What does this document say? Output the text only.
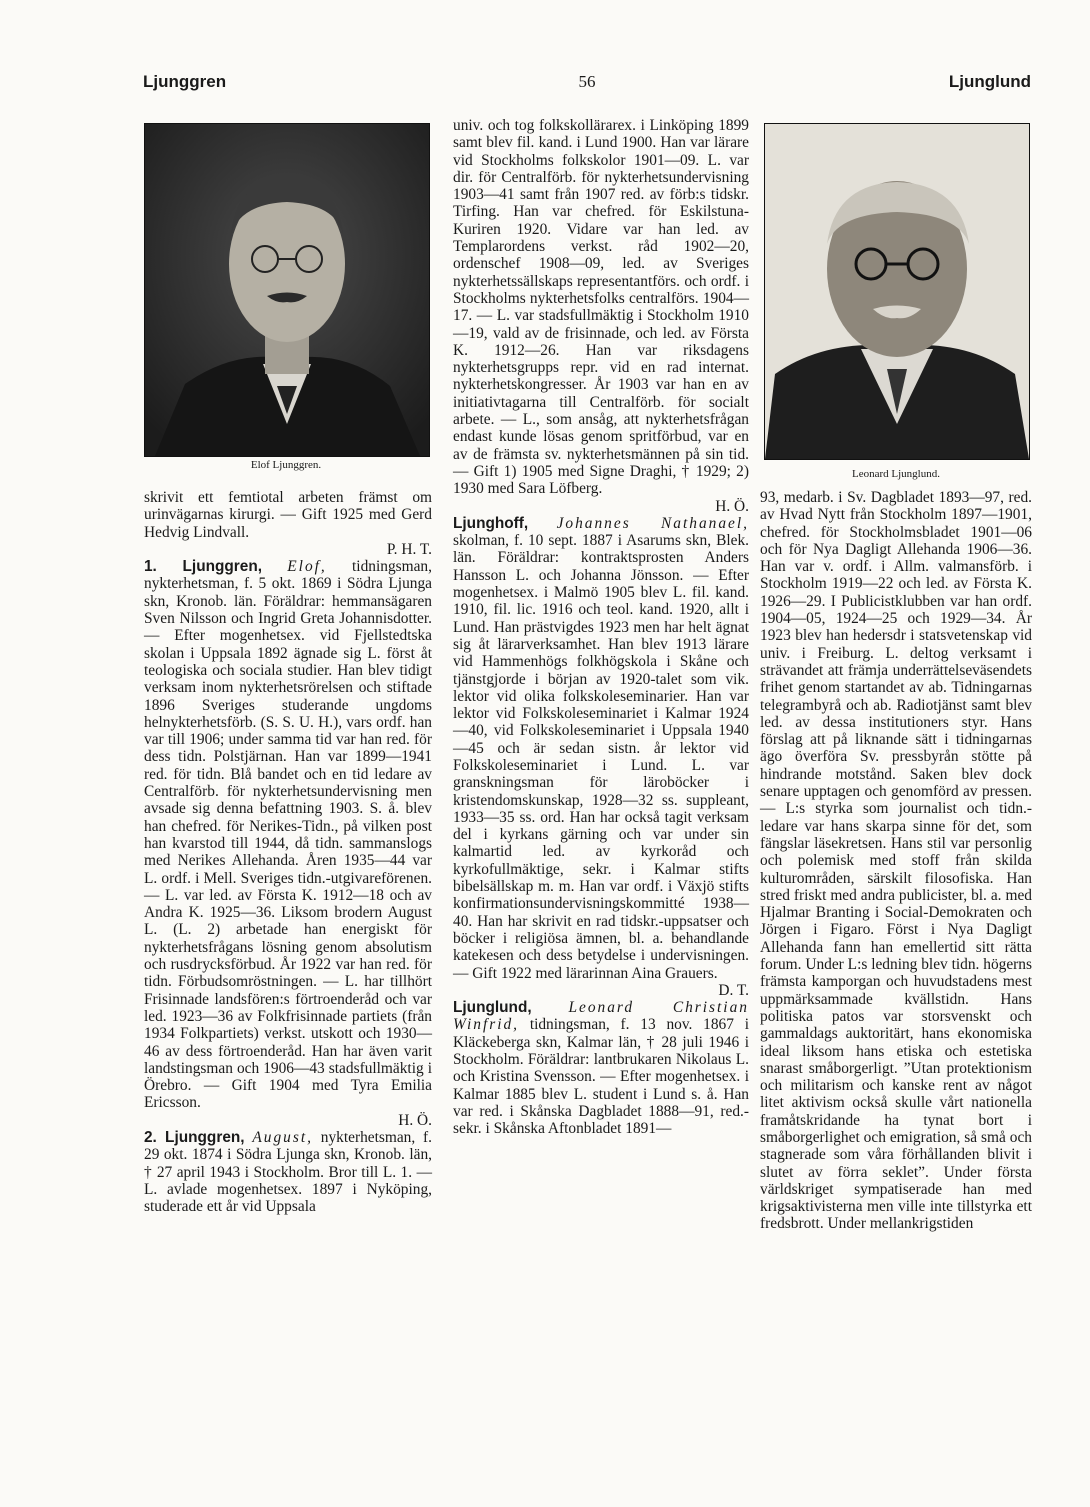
Ljunggren	56	Ljunglund
Elof Ljunggren.
Leonard Ljunglund.

skrivit ett femtiotal arbeten främst om urinvägarnas kirurgi. — Gift 1925 med Gerd Hedvig Lindvall.

P. H. T.

1. Ljunggren, Elof, tidningsman, nykterhetsman, f. 5 okt. 1869 i Södra Ljunga skn, Kronob. län. Föräldrar: hemmansägaren Sven Nilsson och Ingrid Greta Johannisdotter. — Efter mogenhetsex. vid Fjellstedtska skolan i Uppsala 1892 ägnade sig L. först åt teologiska och sociala studier. Han blev tidigt verksam inom nykterhetsrörelsen och stiftade 1896 Sveriges studerande ungdoms helnykterhetsförb. (S. S. U. H.), vars ordf. han var till 1906; under samma tid var han red. för dess tidn. Polstjärnan. Han var 1899—1941 red. för tidn. Blå bandet och en tid ledare av Centralförb. för nykterhetsundervisning men avsade sig denna befattning 1903. S. å. blev han chefred. för Nerikes-Tidn., på vilken post han kvarstod till 1944, då tidn. sammanslogs med Nerikes Allehanda. Åren 1935—44 var L. ordf. i Mell. Sveriges tidn.-utgivareförenen. — L. var led. av Första K. 1912—18 och av Andra K. 1925—36. Liksom brodern August L. (L. 2) arbetade han energiskt för nykterhetsfrågans lösning genom absolutism och rusdrycksförbud. År 1922 var han red. för tidn. Förbudsomröstningen. — L. har tillhört Frisinnade landsfören:s förtroenderåd och var led. 1923—36 av Folkfrisinnade partiets (från 1934 Folkpartiets) verkst. utskott och 1930—46 av dess förtroenderåd. Han har även varit landstingsman och 1906—43 stadsfullmäktig i Örebro. — Gift 1904 med Tyra Emilia Ericsson.

H. Ö.

2. Ljunggren, August, nykterhetsman, f. 29 okt. 1874 i Södra Ljunga skn, Kronob. län, † 27 april 1943 i Stockholm. Bror till L. 1. — L. avlade mogenhetsex. 1897 i Nyköping, studerade ett år vid Uppsala

univ. och tog folkskollärarex. i Linköping 1899 samt blev fil. kand. i Lund 1900. Han var lärare vid Stockholms folkskolor 1901—09. L. var dir. för Centralförb. för nykterhetsundervisning 1903—41 samt från 1907 red. av förb:s tidskr. Tirfing. Han var chefred. för Eskilstuna-Kuriren 1920. Vidare var han led. av Templarordens verkst. råd 1902—20, ordenschef 1908—09, led. av Sveriges nykterhetssällskaps representantförs. och ordf. i Stockholms nykterhetsfolks centralförs. 1904—17. — L. var stadsfullmäktig i Stockholm 1910—19, vald av de frisinnade, och led. av Första K. 1912—26. Han var riksdagens nykterhetsgrupps repr. vid en rad internat. nykterhetskongresser. År 1903 var han en av initiativtagarna till Centralförb. för socialt arbete. — L., som ansåg, att nykterhetsfrågan endast kunde lösas genom spritförbud, var en av de främsta sv. nykterhetsmännen på sin tid. — Gift 1) 1905 med Signe Draghi, † 1929; 2) 1930 med Sara Löfberg.

H. Ö.

Ljunghoff, Johannes Nathanael, skolman, f. 10 sept. 1887 i Asarums skn, Blek. län. Föräldrar: kontraktsprosten Anders Hansson L. och Johanna Jönsson. — Efter mogenhetsex. i Malmö 1905 blev L. fil. kand. 1910, fil. lic. 1916 och teol. kand. 1920, allt i Lund. Han prästvigdes 1923 men har helt ägnat sig åt lärarverksamhet. Han blev 1913 lärare vid Hammenhögs folkhögskola i Skåne och tjänstgjorde i början av 1920-talet som vik. lektor vid olika folkskoleseminarier. Han var lektor vid Folkskoleseminariet i Kalmar 1924—40, vid Folkskoleseminariet i Uppsala 1940—45 och är sedan sistn. år lektor vid Folkskoleseminariet i Lund. L. var granskningsman för läroböcker i kristendomskunskap, 1928—32 ss. suppleant, 1933—35 ss. ord. Han har också tagit verksam del i kyrkans gärning och var under sin kalmartid led. av kyrkoråd och kyrkofullmäktige, sekr. i Kalmar stifts bibelsällskap m. m. Han var ordf. i Växjö stifts konfirmationsundervisningskommitté 1938—40. Han har skrivit en rad tidskr.-uppsatser och böcker i religiösa ämnen, bl. a. behandlande katekesen och dess betydelse i undervisningen. — Gift 1922 med lärarinnan Aina Grauers.

D. T.

Ljunglund, Leonard Christian Winfrid, tidningsman, f. 13 nov. 1867 i Kläckeberga skn, Kalmar län, † 28 juli 1946 i Stockholm. Föräldrar: lantbrukaren Nikolaus L. och Kristina Svensson. — Efter mogenhetsex. i Kalmar 1885 blev L. student i Lund s. å. Han var red. i Skånska Dagbladet 1888—91, red.-sekr. i Skånska Aftonbladet 1891—

93, medarb. i Sv. Dagbladet 1893—97, red. av Hvad Nytt från Stockholm 1897—1901, chefred. för Stockholmsbladet 1901—06 och för Nya Dagligt Allehanda 1906—36. Han var v. ordf. i Allm. valmansförb. i Stockholm 1919—22 och led. av Första K. 1926—29. I Publicistklubben var han ordf. 1904—05, 1924—25 och 1929—34. År 1923 blev han hedersdr i statsvetenskap vid univ. i Freiburg. L. deltog verksamt i strävandet att främja underrättelseväsendets frihet genom startandet av ab. Tidningarnas telegrambyrå och ab. Radiotjänst samt blev led. av dessa institutioners styr. Hans förslag att på liknande sätt i tidningarnas ägo överföra Sv. pressbyrån stötte på hindrande motstånd. Saken blev dock senare upptagen och genomförd av pressen. — L:s styrka som journalist och tidn.-ledare var hans skarpa sinne för det, som fängslar läsekretsen. Hans stil var personlig och polemisk med stoff från skilda kulturområden, särskilt filosofiska. Han stred friskt med andra publicister, bl. a. med Hjalmar Branting i Social-Demokraten och Jörgen i Figaro. Först i Nya Dagligt Allehanda fann han emellertid sitt rätta forum. Under L:s ledning blev tidn. högerns främsta kamporgan och huvudstadens mest uppmärksammade kvällstidn. Hans politiska patos var storsvenskt och gammaldags auktoritärt, hans ekonomiska ideal liksom hans etiska och estetiska snarast småborgerligt. ”Utan protektionism och militarism och kanske rent av något litet aktivism också skulle vårt nationella framåtskridande ha tynat bort i småborgerlighet och emigration, så små och stagnerade som våra förhållanden blivit i slutet av förra seklet”. Under första världskriget sympatiserade han med krigsaktivisterna men ville inte tillstyrka ett fredsbrott. Under mellankrigstiden
